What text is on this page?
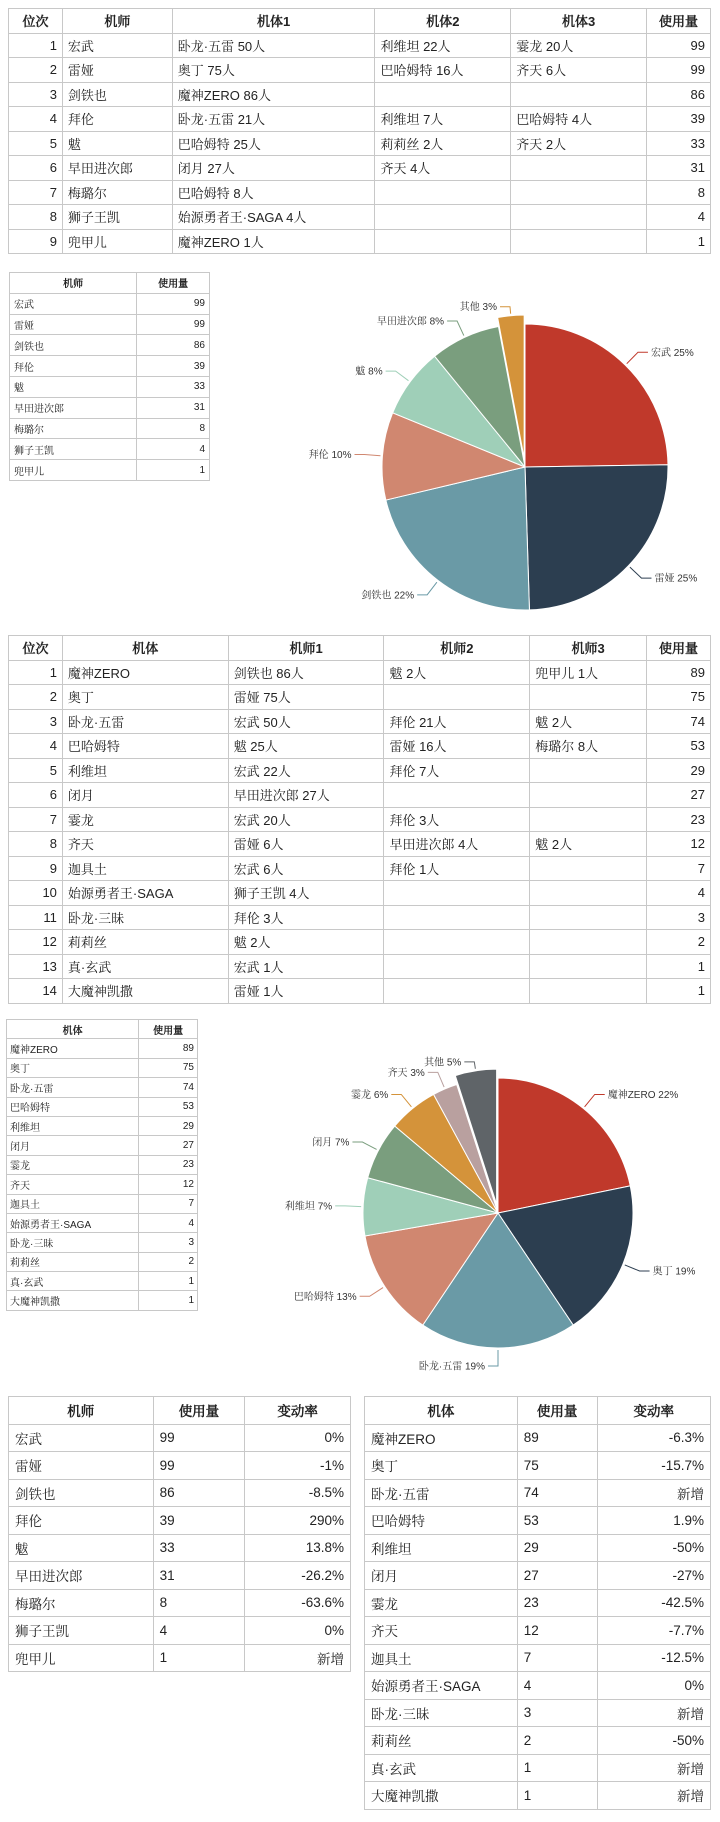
位次	机师	机体1	机体2	机体3	使用量
1	宏武	卧龙·五雷 50人	利维坦 22人	霎龙 20人	99
2	雷娅	奥丁 75人	巴哈姆特 16人	齐天 6人	99
3	剑铁也	魔神ZERO 86人			86
4	拜伦	卧龙·五雷 21人	利维坦 7人	巴哈姆特 4人	39
5	魃	巴哈姆特 25人	莉莉丝 2人	齐天 2人	33
6	早田进次郎	闭月 27人	齐天 4人		31
7	梅璐尔	巴哈姆特 8人			8
8	狮子王凯	始源勇者王·SAGA 4人			4
9	兜甲儿	魔神ZERO 1人			1
机师	使用量
宏武	99
雷娅	99
剑铁也	86
拜伦	39
魃	33
早田进次郎	31
梅璐尔	8
狮子王凯	4
兜甲儿	1
宏武 25%
雷娅 25%
剑铁也 22%
拜伦 10%
魃 8%
早田进次郎 8%
其他 3%
位次	机体	机师1	机师2	机师3	使用量
1	魔神ZERO	剑铁也 86人	魃 2人	兜甲儿 1人	89
2	奥丁	雷娅 75人			75
3	卧龙·五雷	宏武 50人	拜伦 21人	魃 2人	74
4	巴哈姆特	魃 25人	雷娅 16人	梅璐尔 8人	53
5	利维坦	宏武 22人	拜伦 7人		29
6	闭月	早田进次郎 27人			27
7	霎龙	宏武 20人	拜伦 3人		23
8	齐天	雷娅 6人	早田进次郎 4人	魃 2人	12
9	迦具土	宏武 6人	拜伦 1人		7
10	始源勇者王·SAGA	狮子王凯 4人			4
11	卧龙·三昧	拜伦 3人			3
12	莉莉丝	魃 2人			2
13	真·玄武	宏武 1人			1
14	大魔神凯撒	雷娅 1人			1
机体	使用量
魔神ZERO	89
奥丁	75
卧龙·五雷	74
巴哈姆特	53
利维坦	29
闭月	27
霎龙	23
齐天	12
迦具土	7
始源勇者王·SAGA	4
卧龙·三昧	3
莉莉丝	2
真·玄武	1
大魔神凯撒	1
魔神ZERO 22%
奥丁 19%
卧龙·五雷 19%
巴哈姆特 13%
利维坦 7%
闭月 7%
霎龙 6%
齐天 3%
其他 5%
机师	使用量	变动率
宏武	99	0%
雷娅	99	-1%
剑铁也	86	-8.5%
拜伦	39	290%
魃	33	13.8%
早田进次郎	31	-26.2%
梅璐尔	8	-63.6%
狮子王凯	4	0%
兜甲儿	1	新增
机体	使用量	变动率
魔神ZERO	89	-6.3%
奥丁	75	-15.7%
卧龙·五雷	74	新增
巴哈姆特	53	1.9%
利维坦	29	-50%
闭月	27	-27%
霎龙	23	-42.5%
齐天	12	-7.7%
迦具土	7	-12.5%
始源勇者王·SAGA	4	0%
卧龙·三昧	3	新增
莉莉丝	2	-50%
真·玄武	1	新增
大魔神凯撒	1	新增
